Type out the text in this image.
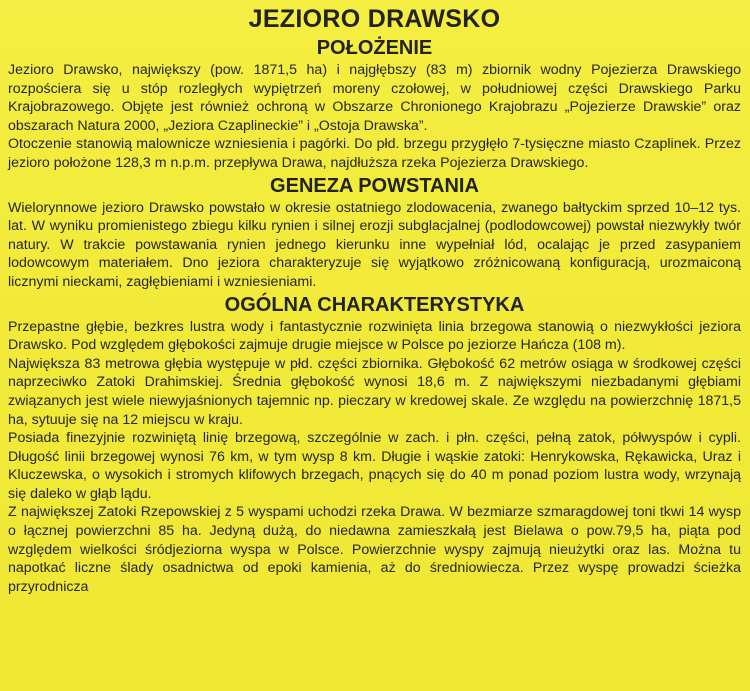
JEZIORO DRAWSKO
POŁOŻENIE

Jezioro Drawsko, największy (pow. 1871,5 ha) i najgłębszy (83 m) zbiornik wodny Pojezierza Drawskiego rozpościera się u stóp rozległych wypiętrzeń moreny czołowej, w południowej części Drawskiego Parku Krajobrazowego. Objęte jest również ochroną w Obszarze Chronionego Krajobrazu „Pojezierze Drawskie” oraz obszarach Natura 2000, „Jeziora Czaplineckie” i „Ostoja Drawska”.

Otoczenie stanowią malownicze wzniesienia i pagórki. Do płd. brzegu przygłęło 7-tysięczne miasto Czaplinek. Przez jezioro położone 128,3 m n.p.m. przepływa Drawa, najdłuższa rzeka Pojezierza Drawskiego.

GENEZA POWSTANIA

Wielorynnowe jezioro Drawsko powstało w okresie ostatniego zlodowacenia, zwanego bałtyckim sprzed 10–12 tys. lat. W wyniku promienistego zbiegu kilku rynien i silnej erozji subglacjalnej (podlodowcowej) powstał niezwykły twór natury. W trakcie powstawania rynien jednego kierunku inne wypełniał lód, ocalając je przed zasypaniem lodowcowym materiałem. Dno jeziora charakteryzuje się wyjątkowo zróżnicowaną konfiguracją, urozmaiconą licznymi nieckami, zagłębieniami i wzniesieniami.

OGÓLNA CHARAKTERYSTYKA

Przepastne głębie, bezkres lustra wody i fantastycznie rozwinięta linia brzegowa stanowią o niezwykłości jeziora Drawsko. Pod względem głębokości zajmuje drugie miejsce w Polsce po jeziorze Hańcza (108 m).

Największa 83 metrowa głębia występuje w płd. części zbiornika. Głębokość 62 metrów osiąga w środkowej części naprzeciwko Zatoki Drahimskiej. Średnia głębokość wynosi 18,6 m. Z największymi niezbadanymi głębiami związanych jest wiele niewyjaśnionych tajemnic np. pieczary w kredowej skale. Ze względu na powierzchnię 1871,5 ha, sytuuje się na 12 miejscu w kraju.

Posiada finezyjnie rozwiniętą linię brzegową, szczególnie w zach. i płn. części, pełną zatok, półwyspów i cypli. Długość linii brzegowej wynosi 76 km, w tym wysp 8 km. Długie i wąskie zatoki: Henrykowska, Rękawicka, Uraz i Kluczewska, o wysokich i stromych klifowych brzegach, pnących się do 40 m ponad poziom lustra wody, wrzynają się daleko w głąb lądu.

Z największej Zatoki Rzepowskiej z 5 wyspami uchodzi rzeka Drawa. W bezmiarze szmaragdowej toni tkwi 14 wysp o łącznej powierzchni 85 ha. Jedyną dużą, do niedawna zamieszkałą jest Bielawa o pow.79,5 ha, piąta pod względem wielkości śródjeziorna wyspa w Polsce. Powierzchnie wyspy zajmują nieużytki oraz las. Można tu napotkać liczne ślady osadnictwa od epoki kamienia, aż do średniowiecza. Przez wyspę prowadzi ścieżka przyrodnicza
